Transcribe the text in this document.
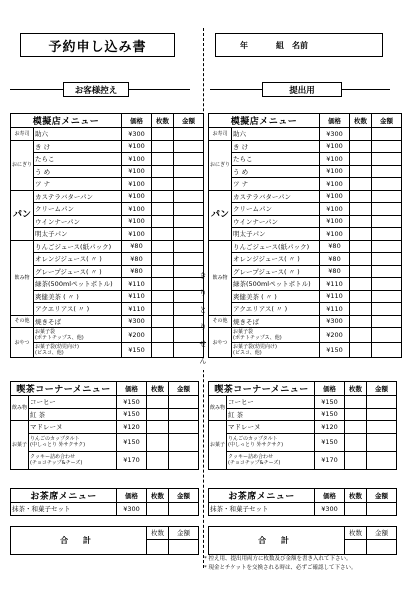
予約申し込み書	年	組 名前
お客様控え	提出用
き
り
と
り
せ
ん
模擬店メニュー		価格	枚数	金額
お寿司	助六	¥300		
おにぎり	き け	¥100		
	たらこ	¥100		
	う め	¥100		
	ツ ナ	¥100		
パン	カステラバターパン	¥100		
	クリームパン	¥100		
	ウインナーパン	¥100		
	明太子パン	¥100		
飲み物	りんごジュース(紙パック)	¥80		
	オレンジジュース( 〃 )	¥80		
	グレープジュース( 〃 )	¥80		
	緑茶(500mlペットボトル)	¥110		
	爽健美茶 ( 〃 )	¥110		
	アクエリアス( 〃 )	¥110		
その他	焼きそば	¥300		
おやつ	お菓子袋
(ポテトチップス、他)	¥200		
	お菓子袋(幼児向け)
(ビスコ、他)	¥150		
模擬店メニュー		価格	枚数	金額
お寿司	助六	¥300		
おにぎり	き け	¥100		
	たらこ	¥100		
	う め	¥100		
	ツ ナ	¥100		
パン	カステラバターパン	¥100		
	クリームパン	¥100		
	ウインナーパン	¥100		
	明太子パン	¥100		
飲み物	りんごジュース(紙パック)	¥80		
	オレンジジュース( 〃 )	¥80		
	グレープジュース( 〃 )	¥80		
	緑茶(500mlペットボトル)	¥110		
	爽健美茶 ( 〃 )	¥110		
	アクエリアス( 〃 )	¥110		
その他	焼きそば	¥300		
おやつ	お菓子袋
(ポテトチップス、他)	¥200		
	お菓子袋(幼児向け)
(ビスコ、他)	¥150		
喫茶コーナーメニュー		価格	枚数	金額
飲み物	コーヒー	¥150		
	紅 茶	¥150		
お菓子	マドレーヌ	¥120		
	りんごのカップタルト
(中しっとり 外サクサク)	¥150		
	クッキー詰め合わせ
(チョコチップ&チーズ)	¥170		
喫茶コーナーメニュー		価格	枚数	金額
飲み物	コーヒー	¥150		
	紅 茶	¥150		
お菓子	マドレーヌ	¥120		
	りんごのカップタルト
(中しっとり 外サクサク)	¥150		
	クッキー詰め合わせ
(チョコチップ&チーズ)	¥170		
お茶席メニュー	価格	枚数	金額
抹茶・和菓子セット	¥300		
お茶席メニュー	価格	枚数	金額
抹茶・和菓子セット	¥300		
合 計	枚数	金額

合 計	枚数	金額

* 控え用、提出用両方に枚数及び金額を書き入れて下さい。
* 現金とチケットを交換される時は、必ずご確認して下さい。
